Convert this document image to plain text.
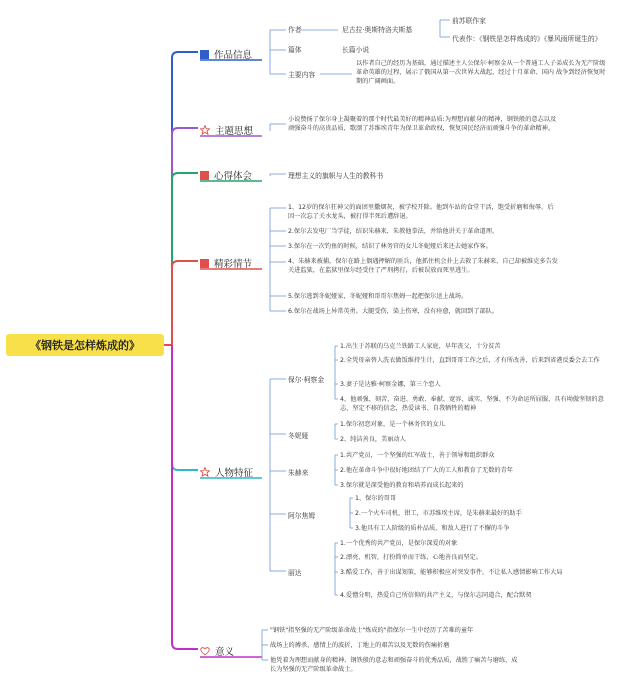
《钢铁是怎样炼成的》
作品信息
作者	尼古拉·奥斯特洛夫斯基
前苏联作家
代表作：《钢铁是怎样炼成的》《暴风雨所诞生的》
篇体	长篇小说
主要内容
以作者自己的经历为基础，通过描述主人公保尔·柯察金从一个普通工人子弟成长为无产阶级革命英雄的过程，展示了俄国从第一次世界大战起，经过十月革命、国内 战争到经济恢复时期的广阔画面。
主题思想
小说赞扬了保尔身上凝聚着的那个时代最美好的精神品质:为理想而献身的精神，钢铁般的意志以及顽强奋斗的高贵品质，歌颂了苏维埃青年为保卫革命政权，恢复国民经济而顽强斗争的革命精神。
心得体会	理想主义的旗帜与人生的教科书
精彩情节
1、12岁的保尔狂神父的面团里撒烟灰，被学校开除。他到车站的食堂干活，饱受折磨和侮辱。后因一次忘了关水龙头，被打得半死后遭辞退。
2.保尔去发电厂当学徒，结识朱赫来，朱教他拳法，并给他讲关于革命道理。
3.保尔在一次钓鱼的时候，结识了林务官的女儿冬妮娅后来还去她家作客。
4、朱赫来被捕，保尔在路上偶遇押解的匪兵，他抓住机会扑上去救了朱赫来，自己却被维克多告发关进监狱，在监狱里保尔经受住了严刑拷打，后被误放而死里逃生。
5.保尔逃到冬妮娅家，冬妮娅和哥哥尔焦姆一起把保尔送上战场。
6.保尔在战场上异常英勇。大腿受伤，染上伤寒，没有痊愈，就回到了部队。
人物特征
保尔·柯察金
1.出生于苏联的乌克兰铁路工人家庭，早年丧父，十分贫苦
2.全凭母亲替人洗衣做饭维持生计，直到哥哥工作之后，才有所改善，后来到省港反委会去工作
3.妻子是达雅·柯察金娜，第三个恋人
4、他顽强、刻苦、奋进、勇敢、奉献、宽容、诚实、坚强、不为命运所屈服，具有坳傲坚韧的意志，坚定不移的信念，热爱读书、自我牺牲的精神
冬妮娅
1.保尔初恋对象，是一个林务官的女儿
2、纯洁善良，美丽动人
朱赫来
1.共产党员，一个坚强的红军战士，善于领导和组织群众
2.他在革命斗争中很好地团结了广大的工人和教育了无数的青年
3.保尔就是深受他的教育和培养而成长起来的
阿尔焦姆
1、保尔的哥哥
2.一个火车司机，钳工，市苏维埃主席，是朱赫来最好的助手
3.他具有工人阶级的质朴品质，和敌人进行了不懈的斗争
丽达
1.一个优秀的共产党员，是保尔深爱的对象
2.漂亮、机智，打扮简单而干练，心地善良而坚定。
3.酷爱工作，善于出谋划策，能够积极应对突发事件，不让私人感情影响工作大局
4.爱憎分明，热爱自己所信仰的共产主义，与保尔志同道合，配合默契
意义
"钢铁"指坚强的无产阶级革命战士"炼成的"指保尔一生中经历了苦难的童年
战场上的搏杀，感情上的波折，丁地上的艰苦以及无数的伤痛折磨
他凭着为理想而献身的精神、钢铁般的意志和顽强奋斗的优秀品质，战胜了痛苦与磨练，成长为坚强的无产阶级革命战士。
